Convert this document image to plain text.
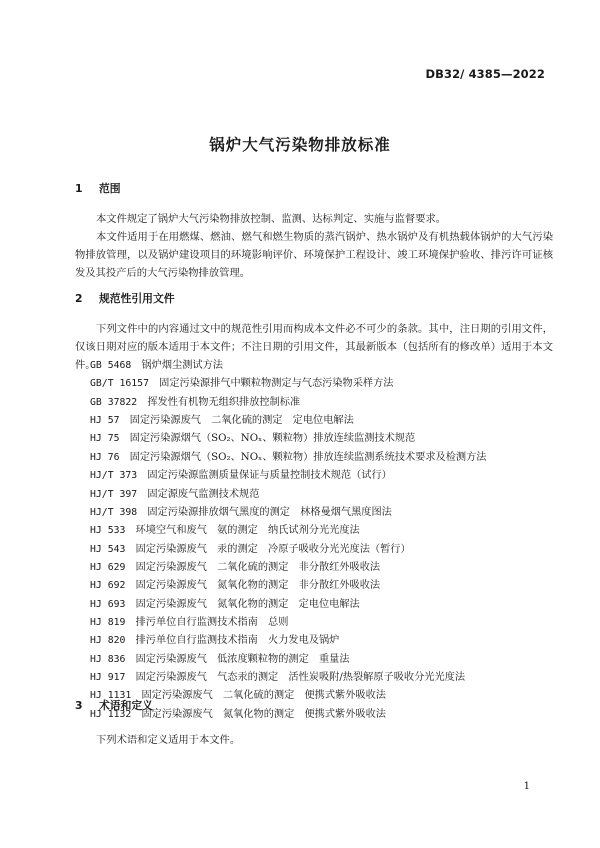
DB32/ 4385—2022
锅炉大气污染物排放标准
1 范围

本文件规定了锅炉大气污染物排放控制、监测、达标判定、实施与监督要求。

本文件适用于在用燃煤、燃油、燃气和燃生物质的蒸汽锅炉、热水锅炉及有机热载体锅炉的大气污染物排放管理，以及锅炉建设项目的环境影响评价、环境保护工程设计、竣工环境保护验收、排污许可证核发及其投产后的大气污染物排放管理。

2 规范性引用文件

下列文件中的内容通过文中的规范性引用而构成本文件必不可少的条款。其中，注日期的引用文件，仅该日期对应的版本适用于本文件；不注日期的引用文件，其最新版本（包括所有的修改单）适用于本文件。

GB 5468　 锅炉烟尘测试方法
GB/T 16157　 固定污染源排气中颗粒物测定与气态污染物采样方法
GB 37822　 挥发性有机物无组织排放控制标准
HJ 57　 固定污染源废气　二氧化硫的测定　定电位电解法
HJ 75　 固定污染源烟气（SO₂、NOₓ、颗粒物）排放连续监测技术规范
HJ 76　 固定污染源烟气（SO₂、NOₓ、颗粒物）排放连续监测系统技术要求及检测方法
HJ/T 373　 固定污染源监测质量保证与质量控制技术规范（试行）
HJ/T 397　 固定源废气监测技术规范
HJ/T 398　 固定污染源排放烟气黑度的测定　林格曼烟气黑度图法
HJ 533　 环境空气和废气　氨的测定　纳氏试剂分光光度法
HJ 543　 固定污染源废气　汞的测定　冷原子吸收分光光度法（暂行）
HJ 629　 固定污染源废气　二氧化硫的测定　非分散红外吸收法
HJ 692　 固定污染源废气　氮氧化物的测定　非分散红外吸收法
HJ 693　 固定污染源废气　氮氧化物的测定　定电位电解法
HJ 819　 排污单位自行监测技术指南　总则
HJ 820　 排污单位自行监测技术指南　火力发电及锅炉
HJ 836　 固定污染源废气　低浓度颗粒物的测定　重量法
HJ 917　 固定污染源废气　气态汞的测定　活性炭吸附/热裂解原子吸收分光光度法
HJ 1131　 固定污染源废气　二氧化硫的测定　便携式紫外吸收法
HJ 1132　 固定污染源废气　氮氧化物的测定　便携式紫外吸收法
3 术语和定义

下列术语和定义适用于本文件。

1
